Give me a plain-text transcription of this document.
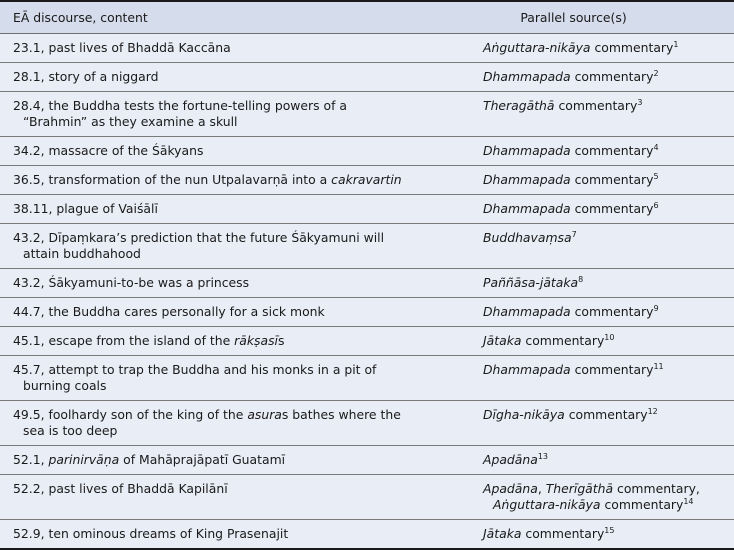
EĀ discourse, content	Parallel source(s)
23.1, past lives of Bhaddā Kaccāna	Aṅguttara-nikāya commentary$^1$
28.1, story of a niggard	Dhammapada commentary$^2$

28.4, the Buddha tests the fortune-telling powers of a “Brahmin” as they examine a skull	Theragāthā commentary$^3$
34.2, massacre of the Śākyans	Dhammapada commentary$^4$
36.5, transformation of the nun Utpalavarṇā into a cakravartin	Dhammapada commentary$^5$
38.11, plague of Vaiśālī	Dhammapada commentary$^6$

43.2, Dīpaṃkara’s prediction that the future Śākyamuni will attain buddhahood	Buddhavaṃsa$^7$
43.2, Śākyamuni-to-be was a princess	Paññāsa-jātaka$^8$
44.7, the Buddha cares personally for a sick monk	Dhammapada commentary$^9$
45.1, escape from the island of the rākṣasīs	Jātaka commentary$^{10}$

45.7, attempt to trap the Buddha and his monks in a pit of burning coals	Dhammapada commentary$^{11}$

49.5, foolhardy son of the king of the asuras bathes where the sea is too deep	Dīgha-nikāya commentary$^{12}$
52.1, parinirvāṇa of Mahāprajāpatī Guatamī	Apadāna$^{13}$
52.2, past lives of Bhaddā Kapilānī	Apadāna, Therīgāthā commentary,
Aṅguttara-nikāya commentary$^{14}$

52.9, ten ominous dreams of King Prasenajit	Jātaka commentary$^{15}$
